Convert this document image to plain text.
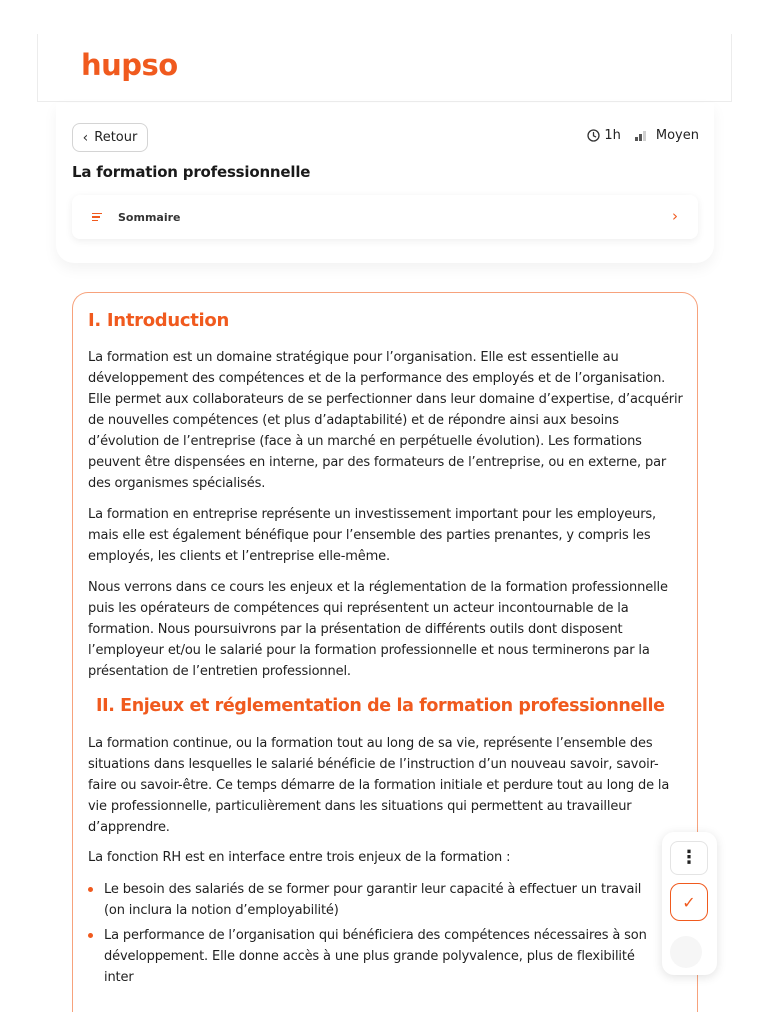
hupso
‹ Retour	1h	Moyen
La formation professionnelle
Sommaire	›
I. Introduction

La formation est un domaine stratégique pour l’organisation. Elle est essentielle au développement des compétences et de la performance des employés et de l’organisation. Elle permet aux collaborateurs de se perfectionner dans leur domaine d’expertise, d’acquérir de nouvelles compétences (et plus d’adaptabilité) et de répondre ainsi aux besoins d’évolution de l’entreprise (face à un marché en perpétuelle évolution). Les formations peuvent être dispensées en interne, par des formateurs de l’entreprise, ou en externe, par des organismes spécialisés.

La formation en entreprise représente un investissement important pour les employeurs, mais elle est également bénéfique pour l’ensemble des parties prenantes, y compris les employés, les clients et l’entreprise elle-même.

Nous verrons dans ce cours les enjeux et la réglementation de la formation professionnelle puis les opérateurs de compétences qui représentent un acteur incontournable de la formation. Nous poursuivrons par la présentation de différents outils dont disposent l’employeur et/ou le salarié pour la formation professionnelle et nous terminerons par la présentation de l’entretien professionnel.

II. Enjeux et réglementation de la formation professionnelle

La formation continue, ou la formation tout au long de sa vie, représente l’ensemble des situations dans lesquelles le salarié bénéficie de l’instruction d’un nouveau savoir, savoir-faire ou savoir-être. Ce temps démarre de la formation initiale et perdure tout au long de la vie professionnelle, particulièrement dans les situations qui permettent au travailleur d’apprendre.

La fonction RH est en interface entre trois enjeux de la formation :

Le besoin des salariés de se former pour garantir leur capacité à effectuer un travail (on inclura la notion d’employabilité)
La performance de l’organisation qui bénéficiera des compétences nécessaires à son développement. Elle donne accès à une plus grande polyvalence, plus de flexibilité inter
⋮
✓
